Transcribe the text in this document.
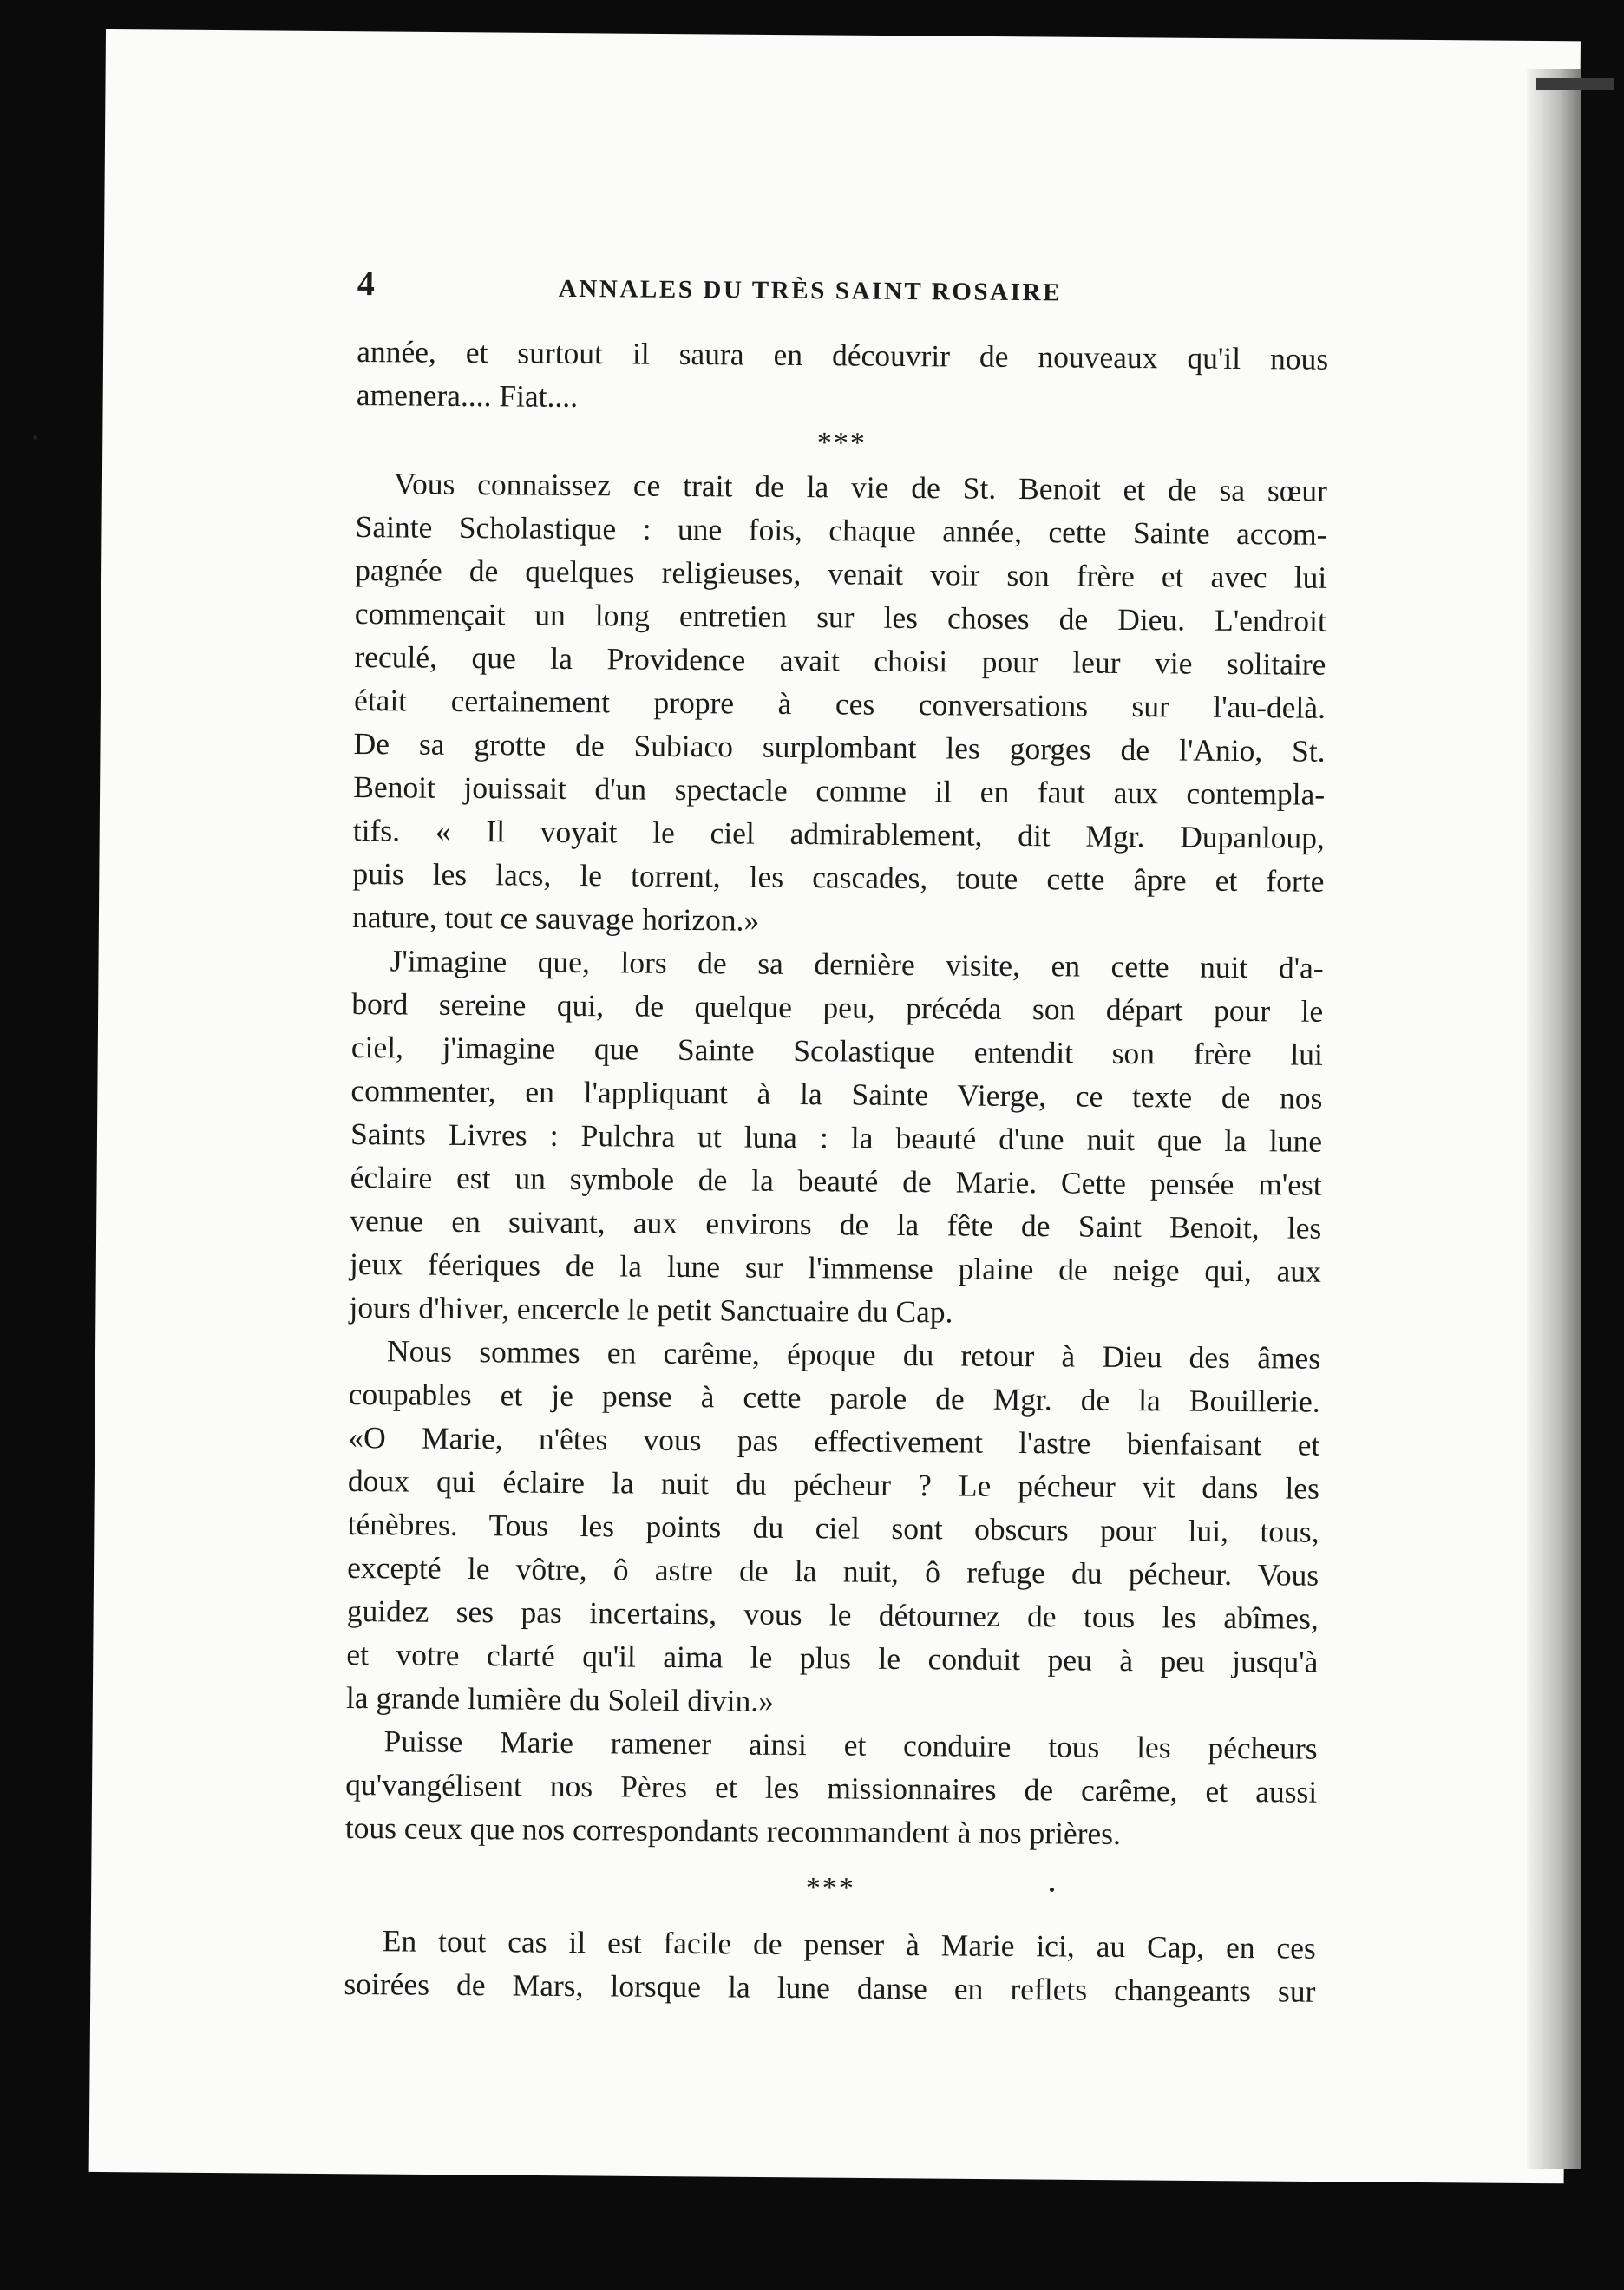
4	ANNALES DU TRÈS SAINT ROSAIRE
année, et surtout il saura en découvrir de nouveaux qu'il nous
amenera.... Fiat....
***
Vous connaissez ce trait de la vie de St. Benoit et de sa sœur
Sainte Scholastique : une fois, chaque année, cette Sainte accom-
pagnée de quelques religieuses, venait voir son frère et avec lui
commençait un long entretien sur les choses de Dieu. L'endroit
reculé, que la Providence avait choisi pour leur vie solitaire
était certainement propre à ces conversations sur l'au-delà.
De sa grotte de Subiaco surplombant les gorges de l'Anio, St.
Benoit jouissait d'un spectacle comme il en faut aux contempla-
tifs. « Il voyait le ciel admirablement, dit Mgr. Dupanloup,
puis les lacs, le torrent, les cascades, toute cette âpre et forte
nature, tout ce sauvage horizon.»
J'imagine que, lors de sa dernière visite, en cette nuit d'a-
bord sereine qui, de quelque peu, précéda son départ pour le
ciel, j'imagine que Sainte Scolastique entendit son frère lui
commenter, en l'appliquant à la Sainte Vierge, ce texte de nos
Saints Livres : Pulchra ut luna : la beauté d'une nuit que la lune
éclaire est un symbole de la beauté de Marie. Cette pensée m'est
venue en suivant, aux environs de la fête de Saint Benoit, les
jeux féeriques de la lune sur l'immense plaine de neige qui, aux
jours d'hiver, encercle le petit Sanctuaire du Cap.
Nous sommes en carême, époque du retour à Dieu des âmes
coupables et je pense à cette parole de Mgr. de la Bouillerie.
«O Marie, n'êtes vous pas effectivement l'astre bienfaisant et
doux qui éclaire la nuit du pécheur ? Le pécheur vit dans les
ténèbres. Tous les points du ciel sont obscurs pour lui, tous,
excepté le vôtre, ô astre de la nuit, ô refuge du pécheur. Vous
guidez ses pas incertains, vous le détournez de tous les abîmes,
et votre clarté qu'il aima le plus le conduit peu à peu jusqu'à
la grande lumière du Soleil divin.»
Puisse Marie ramener ainsi et conduire tous les pécheurs
qu'vangélisent nos Pères et les missionnaires de carême, et aussi
tous ceux que nos correspondants recommandent à nos prières.
***
En tout cas il est facile de penser à Marie ici, au Cap, en ces
soirées de Mars, lorsque la lune danse en reflets changeants sur
